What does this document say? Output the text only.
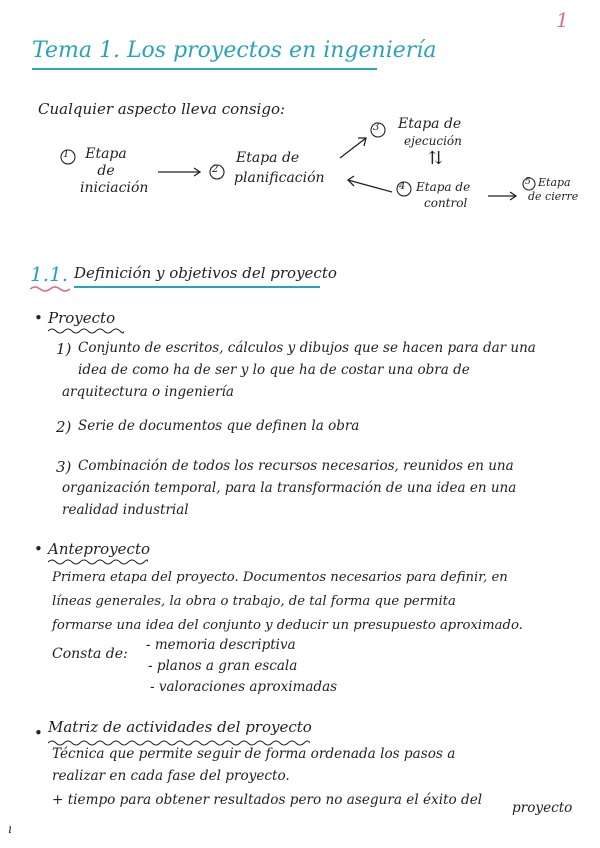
1
Tema 1. Los proyectos en ingeniería
Cualquier aspecto lleva consigo:
1	Etapa
de
iniciación
2
Etapa de
planificación
3 Etapa de
ejecución
⇅
4 Etapa de
control
5 Etapa
de cierre
1.1. Definición y objetivos del proyecto
• Proyecto
1) Conjunto de escritos, cálculos y dibujos que se hacen para dar una
idea de como ha de ser y lo que ha de costar una obra de
arquitectura o ingeniería
2) Serie de documentos que definen la obra
3) Combinación de todos los recursos necesarios, reunidos en una
organización temporal, para la transformación de una idea en una
realidad industrial
• Anteproyecto
Primera etapa del proyecto. Documentos necesarios para definir, en
líneas generales, la obra o trabajo, de tal forma que permita
formarse una idea del conjunto y deducir un presupuesto aproximado.
Consta de:
- memoria descriptiva
- planos a gran escala
- valoraciones aproximadas
• Matriz de actividades del proyecto
Técnica que permite seguir de forma ordenada los pasos a
realizar en cada fase del proyecto.
+ tiempo para obtener resultados pero no asegura el éxito del proyecto
ı
